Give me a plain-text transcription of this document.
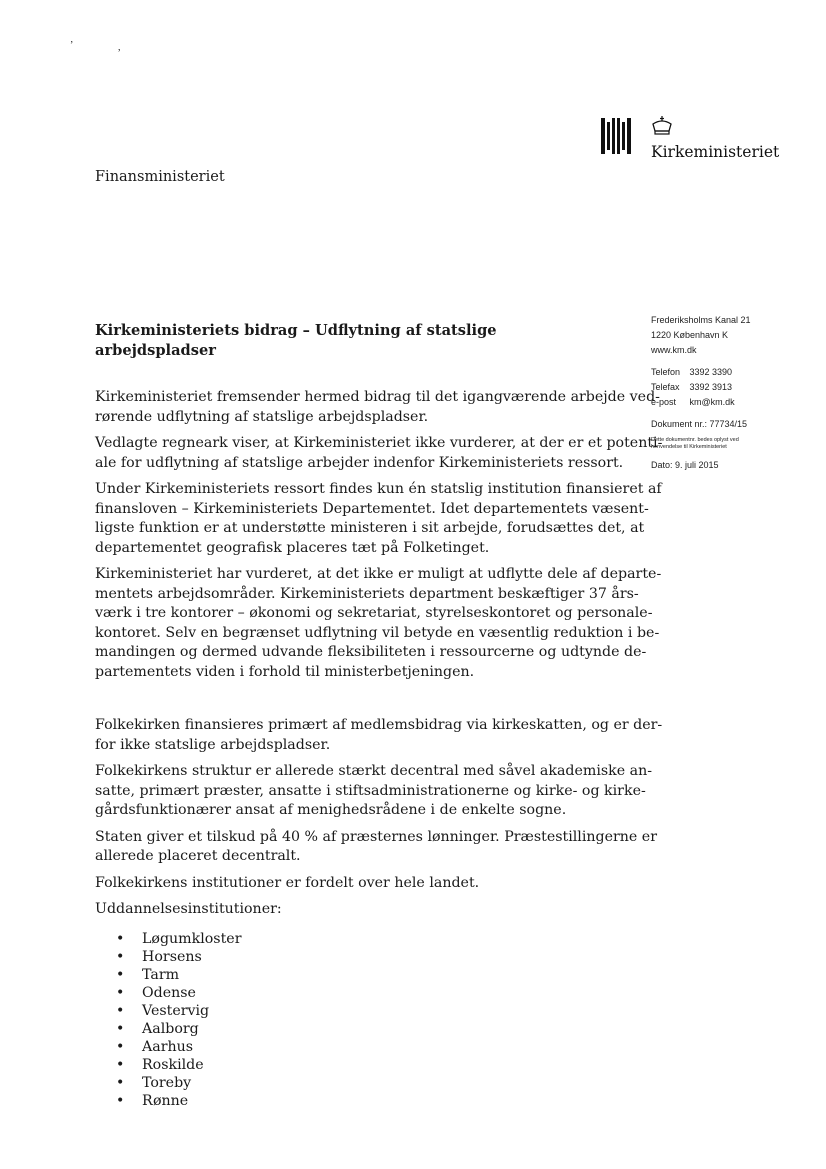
’	,
Kirkeministeriet
Finansministeriet
Frederiksholms Kanal 21
1220 København K
www.km.dk
Telefon 3392 3390
Telefax 3392 3913
e-post km@km.dk
Dokument nr.: 77734/15
Dette dokumentnr. bedes oplyst ved
henvendelse til Kirkeministeriet
Dato: 9. juli 2015
Kirkeministeriets bidrag – Udflytning af statslige arbejdspladser

Kirkeministeriet fremsender hermed bidrag til det igangværende arbejde ved-
rørende udflytning af statslige arbejdspladser.

Vedlagte regneark viser, at Kirkeministeriet ikke vurderer, at der er et potenti-
ale for udflytning af statslige arbejder indenfor Kirkeministeriets ressort.

Under Kirkeministeriets ressort findes kun én statslig institution finansieret af
finansloven – Kirkeministeriets Departementet. Idet departementets væsent-
ligste funktion er at understøtte ministeren i sit arbejde, forudsættes det, at
departementet geografisk placeres tæt på Folketinget.

Kirkeministeriet har vurderet, at det ikke er muligt at udflytte dele af departe-
mentets arbejdsområder. Kirkeministeriets department beskæftiger 37 års-
værk i tre kontorer – økonomi og sekretariat, styrelseskontoret og personale-
kontoret. Selv en begrænset udflytning vil betyde en væsentlig reduktion i be-
mandingen og dermed udvande fleksibiliteten i ressourcerne og udtynde de-
partementets viden i forhold til ministerbetjeningen.

Folkekirken finansieres primært af medlemsbidrag via kirkeskatten, og er der-
for ikke statslige arbejdspladser.

Folkekirkens struktur er allerede stærkt decentral med såvel akademiske an-
satte, primært præster, ansatte i stiftsadministrationerne og kirke- og kirke-
gårdsfunktionærer ansat af menighedsrådene i de enkelte sogne.

Staten giver et tilskud på 40 % af præsternes lønninger. Præstestillingerne er
allerede placeret decentralt.

Folkekirkens institutioner er fordelt over hele landet.

Uddannelsesinstitutioner:

• Løgumkloster
• Horsens
• Tarm
• Odense
• Vestervig
• Aalborg
• Aarhus
• Roskilde
• Toreby
• Rønne
